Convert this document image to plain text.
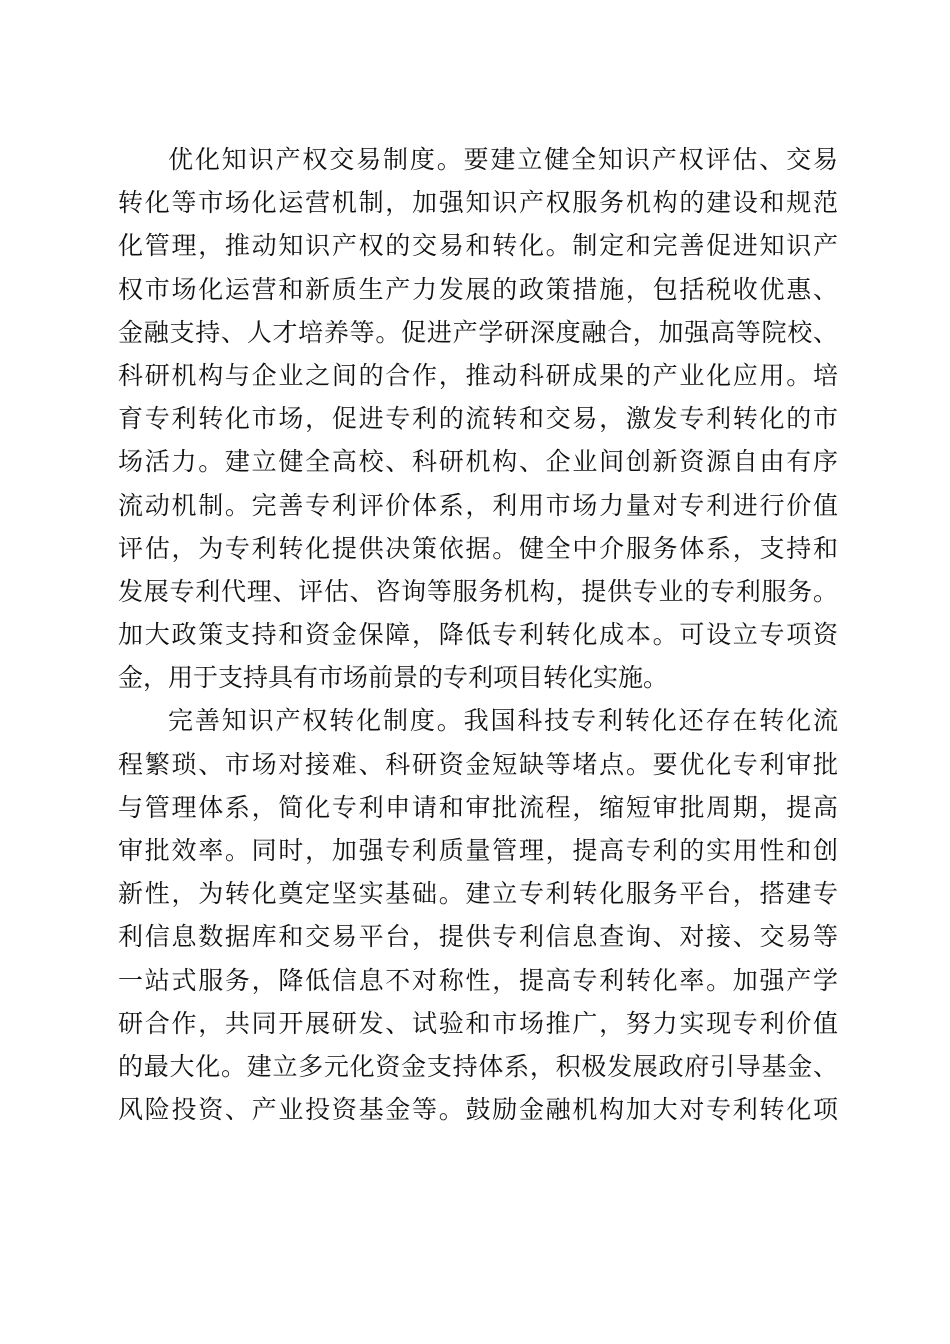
优化知识产权交易制度。要建立健全知识产权评估、交易
转化等市场化运营机制，加强知识产权服务机构的建设和规范
化管理，推动知识产权的交易和转化。制定和完善促进知识产
权市场化运营和新质生产力发展的政策措施，包括税收优惠、
金融支持、人才培养等。促进产学研深度融合，加强高等院校、
科研机构与企业之间的合作，推动科研成果的产业化应用。培
育专利转化市场，促进专利的流转和交易，激发专利转化的市
场活力。建立健全高校、科研机构、企业间创新资源自由有序
流动机制。完善专利评价体系，利用市场力量对专利进行价值
评估，为专利转化提供决策依据。健全中介服务体系，支持和
发展专利代理、评估、咨询等服务机构，提供专业的专利服务。
加大政策支持和资金保障，降低专利转化成本。可设立专项资
金，用于支持具有市场前景的专利项目转化实施。
完善知识产权转化制度。我国科技专利转化还存在转化流
程繁琐、市场对接难、科研资金短缺等堵点。要优化专利审批
与管理体系，简化专利申请和审批流程，缩短审批周期，提高
审批效率。同时，加强专利质量管理，提高专利的实用性和创
新性，为转化奠定坚实基础。建立专利转化服务平台，搭建专
利信息数据库和交易平台，提供专利信息查询、对接、交易等
一站式服务，降低信息不对称性，提高专利转化率。加强产学
研合作，共同开展研发、试验和市场推广，努力实现专利价值
的最大化。建立多元化资金支持体系，积极发展政府引导基金、
风险投资、产业投资基金等。鼓励金融机构加大对专利转化项
